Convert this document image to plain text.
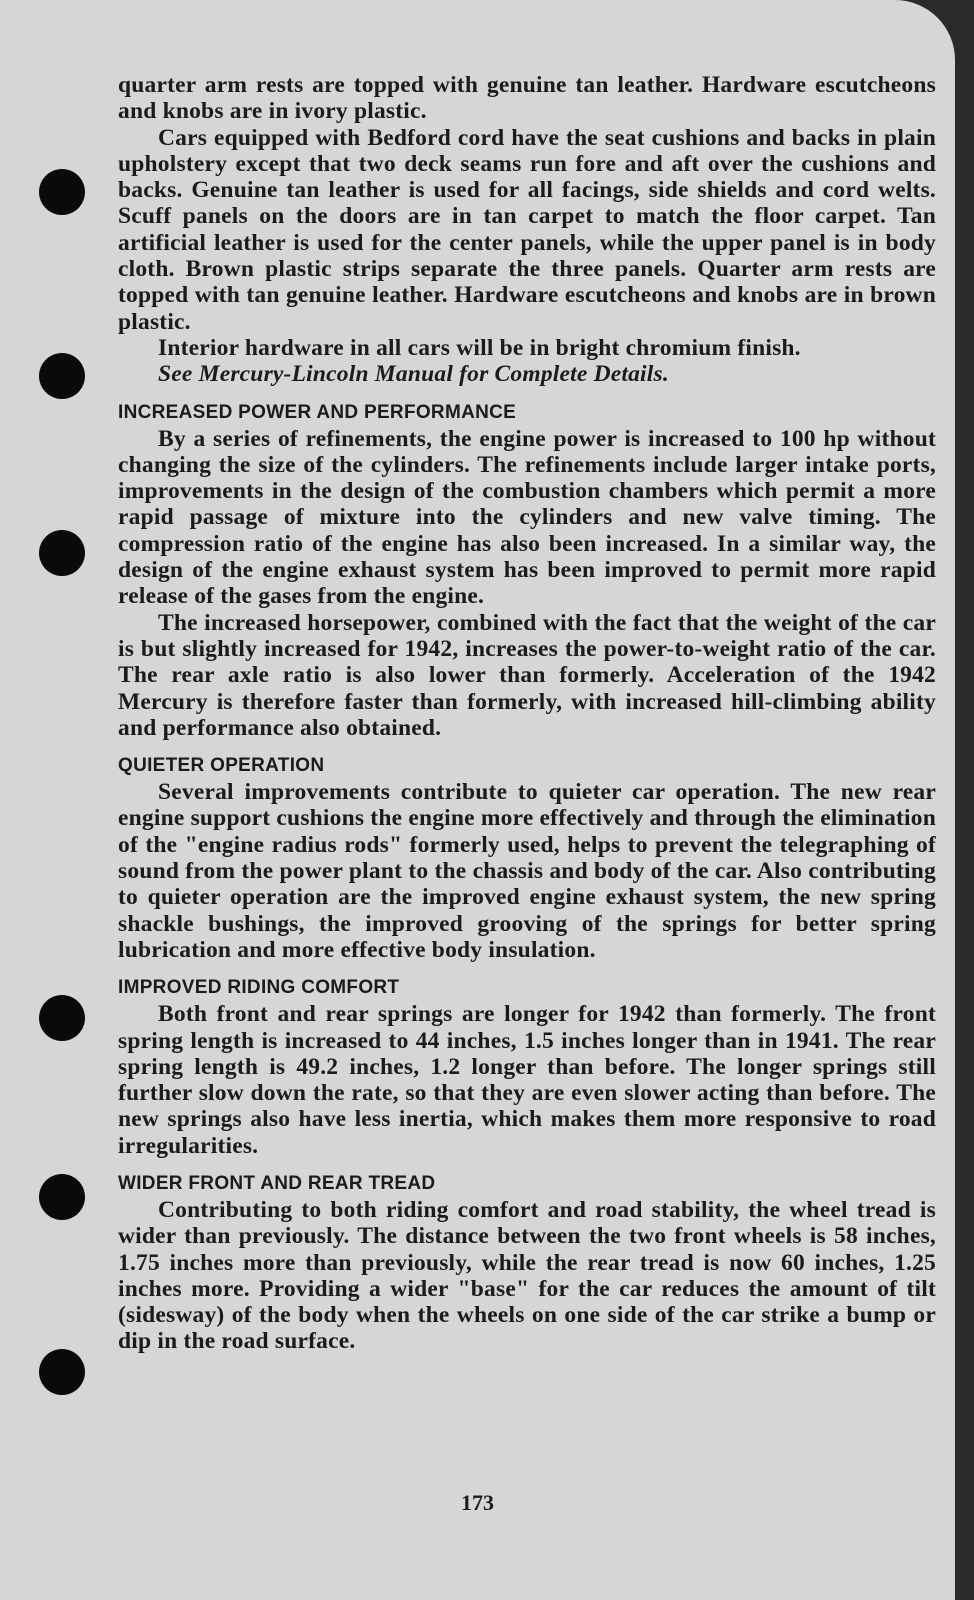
quarter arm rests are topped with genuine tan leather. Hardware escutcheons and knobs are in ivory plastic.

Cars equipped with Bedford cord have the seat cushions and backs in plain upholstery except that two deck seams run fore and aft over the cushions and backs. Genuine tan leather is used for all facings, side shields and cord welts. Scuff panels on the doors are in tan carpet to match the floor carpet. Tan artificial leather is used for the center panels, while the upper panel is in body cloth. Brown plastic strips separate the three panels. Quarter arm rests are topped with tan genuine leather. Hardware escutcheons and knobs are in brown plastic.

Interior hardware in all cars will be in bright chromium finish.

See Mercury-Lincoln Manual for Complete Details.

INCREASED POWER AND PERFORMANCE

By a series of refinements, the engine power is increased to 100 hp without changing the size of the cylinders. The refinements include larger intake ports, improvements in the design of the combustion chambers which permit a more rapid passage of mixture into the cylinders and new valve timing. The compression ratio of the engine has also been increased. In a similar way, the design of the engine exhaust system has been improved to permit more rapid release of the gases from the engine.

The increased horsepower, combined with the fact that the weight of the car is but slightly increased for 1942, increases the power-to-weight ratio of the car. The rear axle ratio is also lower than formerly. Acceleration of the 1942 Mercury is therefore faster than formerly, with increased hill-climbing ability and performance also obtained.

QUIETER OPERATION

Several improvements contribute to quieter car operation. The new rear engine support cushions the engine more effectively and through the elimination of the "engine radius rods" formerly used, helps to prevent the telegraphing of sound from the power plant to the chassis and body of the car. Also contributing to quieter operation are the improved engine exhaust system, the new spring shackle bushings, the improved grooving of the springs for better spring lubrication and more effective body insulation.

IMPROVED RIDING COMFORT

Both front and rear springs are longer for 1942 than formerly. The front spring length is increased to 44 inches, 1.5 inches longer than in 1941. The rear spring length is 49.2 inches, 1.2 longer than before. The longer springs still further slow down the rate, so that they are even slower acting than before. The new springs also have less inertia, which makes them more responsive to road irregularities.

WIDER FRONT AND REAR TREAD

Contributing to both riding comfort and road stability, the wheel tread is wider than previously. The distance between the two front wheels is 58 inches, 1.75 inches more than previously, while the rear tread is now 60 inches, 1.25 inches more. Providing a wider "base" for the car reduces the amount of tilt (sidesway) of the body when the wheels on one side of the car strike a bump or dip in the road surface.

173
